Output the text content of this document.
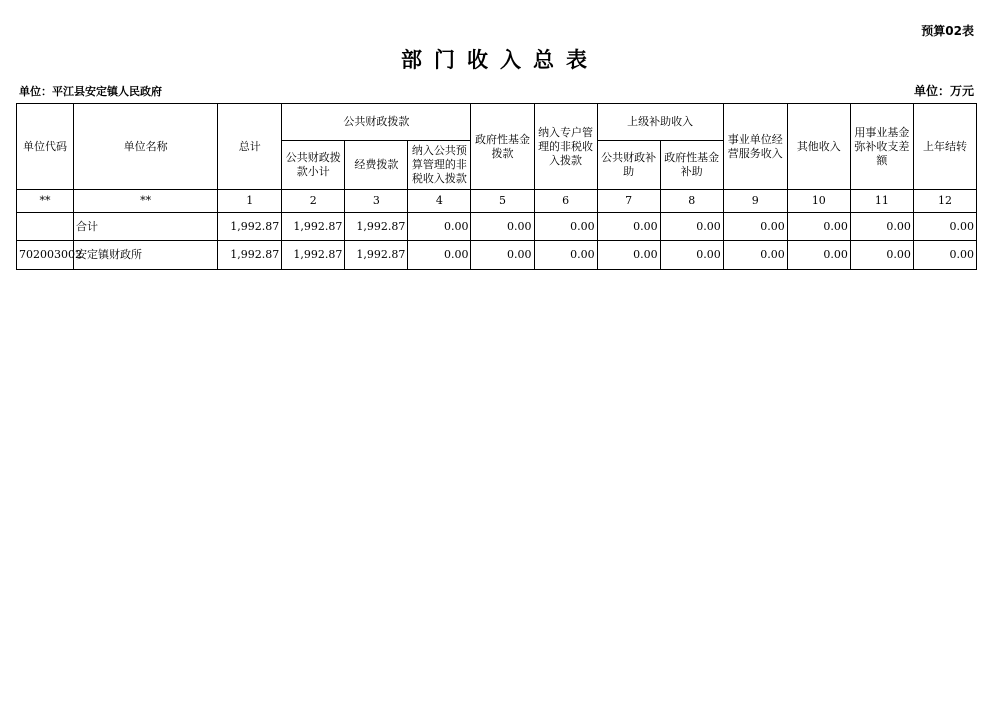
预算02表
部门收入总表
单位：平江县安定镇人民政府	单位：万元
单位代码	单位名称	总计	公共财政拨款			政府性基金拨款	纳入专户管理的非税收入拨款	上级补助收入		事业单位经营服务收入	其他收入	用事业基金弥补收支差额	上年结转
			公共财政拨款小计	经费拨款	纳入公共预算管理的非税收入拨款			公共财政补助	政府性基金补助				
**	**	1	2	3	4	5	6	7	8	9	10	11	12
	合计	1,992.87	1,992.87	1,992.87	0.00	0.00	0.00	0.00	0.00	0.00	0.00	0.00	0.00
702003002	安定镇财政所	1,992.87	1,992.87	1,992.87	0.00	0.00	0.00	0.00	0.00	0.00	0.00	0.00	0.00
